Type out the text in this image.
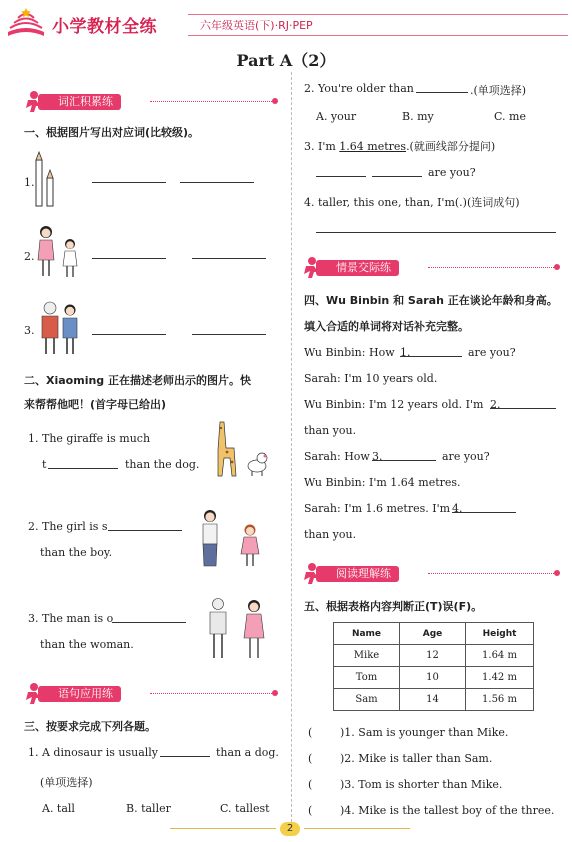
小学教材全练	六年级英语(下)·RJ·PEP
Part A（2）
词汇积累练
一、根据图片写出对应词(比较级)。
1.
2.
3.
二、Xiaoming 正在描述老师出示的图片。快
来帮帮他吧！(首字母已给出)
1. The giraffe is much
t	than the dog.
2. The girl is s
than the boy.
3. The man is o
than the woman.
语句应用练
三、按要求完成下列各题。
1. A dinosaur is usually	than a dog.
(单项选择)
A. tall	B. taller	C. tallest
2. You're older than	.(单项选择)
A. your	B. my	C. me
3. I'm 1.64 metres.(就画线部分提问)
are you?
4. taller, this one, than, I'm(.)(连词成句)
情景交际练
四、Wu Binbin 和 Sarah 正在谈论年龄和身高。
填入合适的单词将对话补充完整。
Wu Binbin: How 1.	are you?
Sarah: I'm 10 years old.
Wu Binbin: I'm 12 years old. I'm 2.
than you.
Sarah: How 3.	are you?
Wu Binbin: I'm 1.64 metres.
Sarah: I'm 1.6 metres. I'm 4.
than you.
阅读理解练
五、根据表格内容判断正(T)误(F)。
Name	Age	Height
Mike	12	1.64 m
Tom	10	1.42 m
Sam	14	1.56 m
(	)1. Sam is younger than Mike.
(	)2. Mike is taller than Sam.
(	)3. Tom is shorter than Mike.
(	)4. Mike is the tallest boy of the three.
2
